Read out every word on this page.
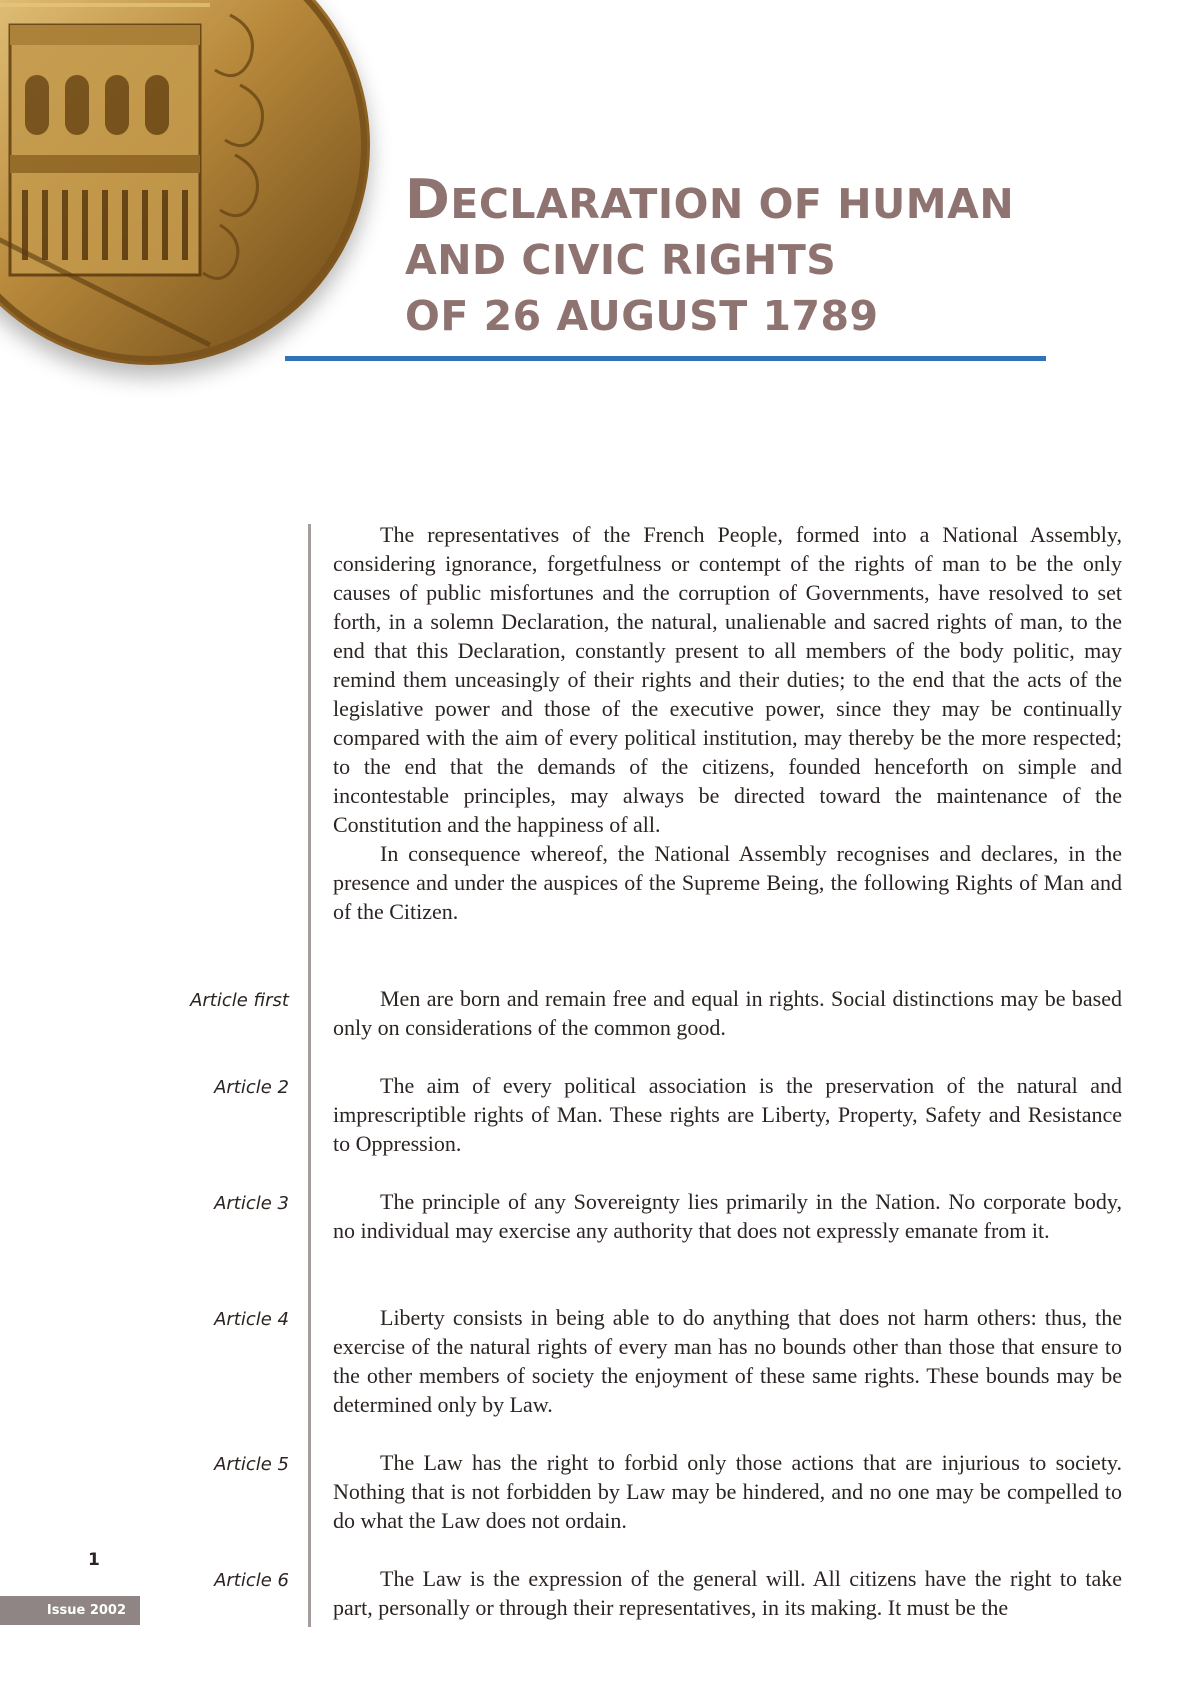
DECLARATION OF HUMAN
AND CIVIC RIGHTS
OF 26 AUGUST 1789

The representatives of the French People, formed into a National Assembly, considering ignorance, forgetfulness or contempt of the rights of man to be the only causes of public misfortunes and the corruption of Governments, have resolved to set forth, in a solemn Declaration, the natural, unalienable and sacred rights of man, to the end that this Declaration, constantly present to all members of the body politic, may remind them unceasingly of their rights and their duties; to the end that the acts of the legislative power and those of the executive power, since they may be continually compared with the aim of every political institution, may thereby be the more respected; to the end that the demands of the citizens, founded henceforth on simple and incontestable principles, may always be directed toward the maintenance of the Constitution and the happiness of all.

In consequence whereof, the National Assembly recognises and declares, in the presence and under the auspices of the Supreme Being, the following Rights of Man and of the Citizen.

Article first	Men are born and remain free and equal in rights. Social distinctions may be based only on considerations of the common good.

Article 2	The aim of every political association is the preservation of the natural and imprescriptible rights of Man. These rights are Liberty, Property, Safety and Resistance to Oppression.

Article 3	The principle of any Sovereignty lies primarily in the Nation. No corporate body, no individual may exercise any authority that does not expressly emanate from it.

Article 4	Liberty consists in being able to do anything that does not harm others: thus, the exercise of the natural rights of every man has no bounds other than those that ensure to the other members of society the enjoyment of these same rights. These bounds may be determined only by Law.

Article 5	The Law has the right to forbid only those actions that are injurious to society. Nothing that is not forbidden by Law may be hindered, and no one may be compelled to do what the Law does not ordain.

Article 6	The Law is the expression of the general will. All citizens have the right to take part, personally or through their representatives, in its making. It must be the

1
Issue 2002
